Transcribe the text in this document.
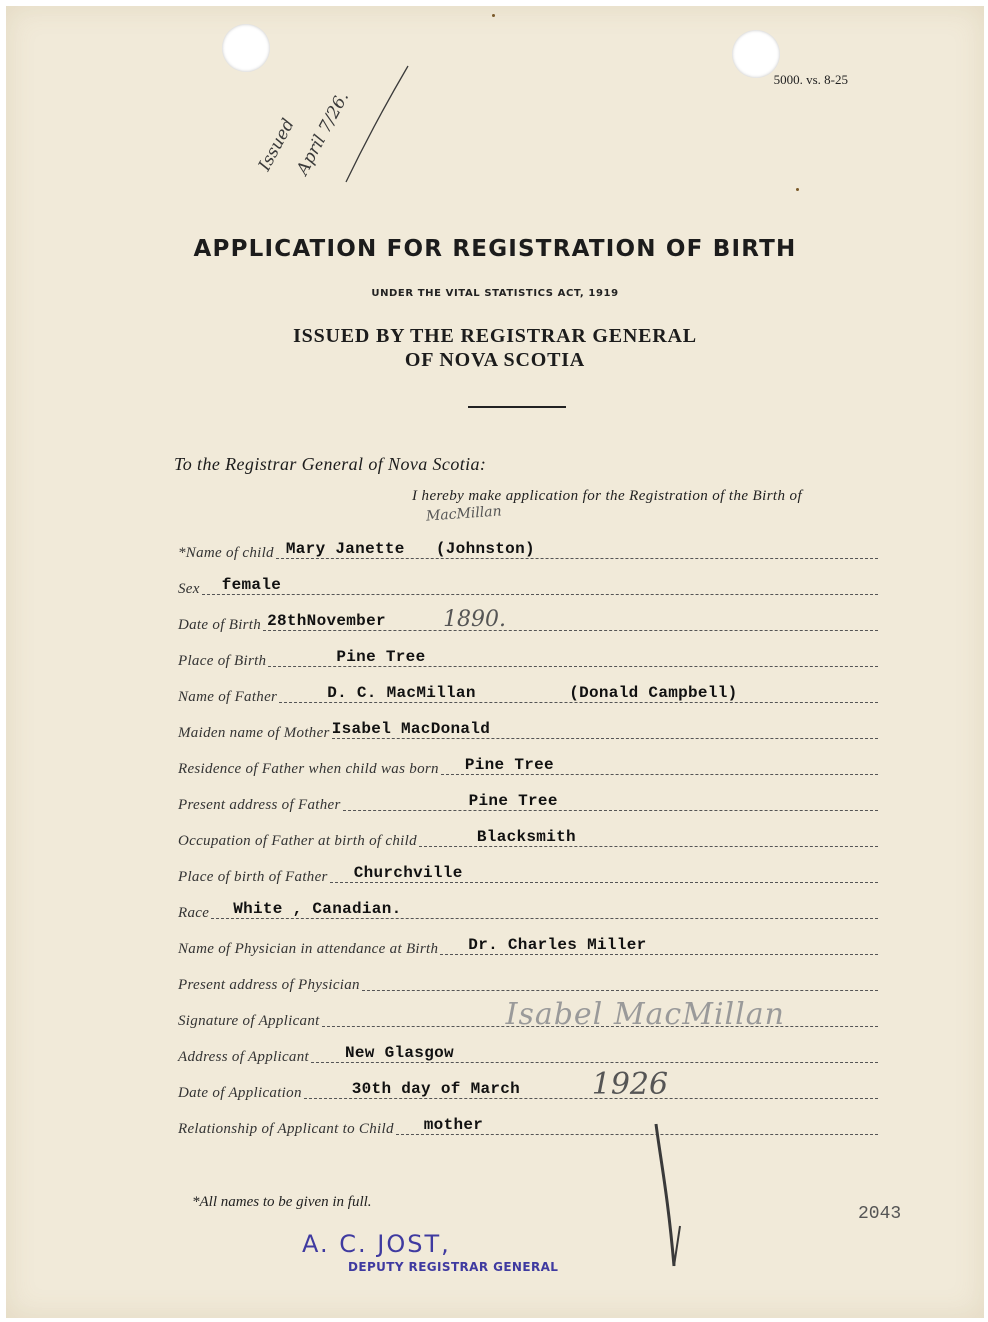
5000. vs. 8-25
Issued
April 7/26.
APPLICATION FOR REGISTRATION OF BIRTH
UNDER THE VITAL STATISTICS ACT, 1919
ISSUED BY THE REGISTRAR GENERAL
OF NOVA SCOTIA
To the Registrar General of Nova Scotia:
I hereby make application for the Registration of the Birth of
MacMillan
*Name of child Mary Janette (Johnston)
Sex female
Date of Birth 28thNovember	1890.
Place of Birth	Pine Tree
Name of Father	D. C. MacMillan	(Donald Campbell)
Maiden name of Mother Isabel MacDonald
Residence of Father when child was born Pine Tree
Present address of Father	Pine Tree
Occupation of Father at birth of child	Blacksmith
Place of birth of Father Churchville
Race White , Canadian.
Name of Physician in attendance at Birth Dr. Charles Miller
Present address of Physician
Signature of Applicant	Isabel MacMillan
Address of Applicant New Glasgow
Date of Application	30th day of March 1926
Relationship of Applicant to Child mother
*All names to be given in full.
2043
A. C. JOST,
DEPUTY REGISTRAR GENERAL
